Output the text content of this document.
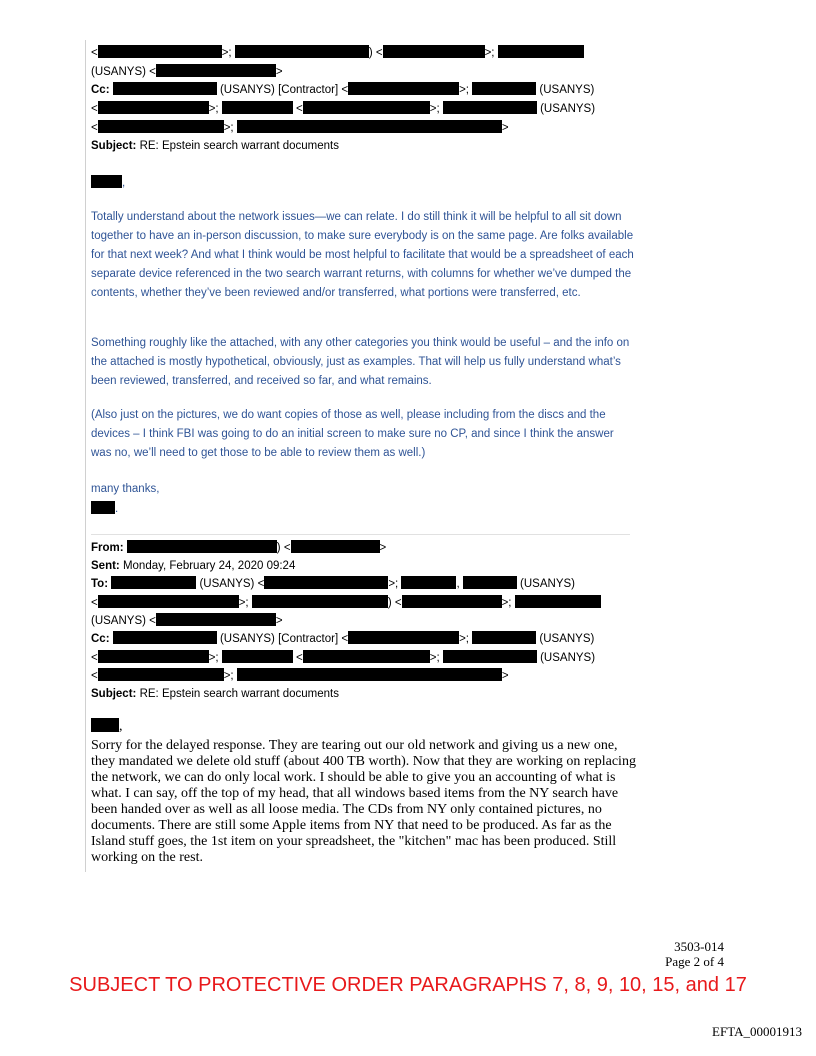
<	>;	) <	>;
(USANYS) <	>
Cc:	(USANYS) [Contractor] <	>;	(USANYS)
<	>;	<	>;	(USANYS)
<	>;	>
Subject: RE: Epstein search warrant documents
,
Totally understand about the network issues—we can relate. I do still think it will be helpful to all sit down together to have an in-person discussion, to make sure everybody is on the same page. Are folks available for that next week? And what I think would be most helpful to facilitate that would be a spreadsheet of each separate device referenced in the two search warrant returns, with columns for whether we’ve dumped the contents, whether they’ve been reviewed and/or transferred, what portions were transferred, etc.
Something roughly like the attached, with any other categories you think would be useful – and the info on the attached is mostly hypothetical, obviously, just as examples. That will help us fully understand what’s been reviewed, transferred, and received so far, and what remains.
(Also just on the pictures, we do want copies of those as well, please including from the discs and the devices – I think FBI was going to do an initial screen to make sure no CP, and since I think the answer was no, we’ll need to get those to be able to review them as well.)
many thanks,
.
From:	) <	>
Sent: Monday, February 24, 2020 09:24
To:	(USANYS) <	>;	,	(USANYS)
<	>;	) <	>;
(USANYS) <	>
Cc:	(USANYS) [Contractor] <	>;	(USANYS)
<	>;	<	>;	(USANYS)
<	>;	>
Subject: RE: Epstein search warrant documents
,
Sorry for the delayed response. They are tearing out our old network and giving us a new one, they mandated we delete old stuff (about 400 TB worth). Now that they are working on replacing the network, we can do only local work. I should be able to give you an accounting of what is what. I can say, off the top of my head, that all windows based items from the NY search have been handed over as well as all loose media. The CDs from NY only contained pictures, no documents. There are still some Apple items from NY that need to be produced. As far as the Island stuff goes, the 1st item on your spreadsheet, the "kitchen" mac has been produced. Still working on the rest.
3503-014
Page 2 of 4
SUBJECT TO PROTECTIVE ORDER PARAGRAPHS 7, 8, 9, 10, 15, and 17
EFTA_00001913
